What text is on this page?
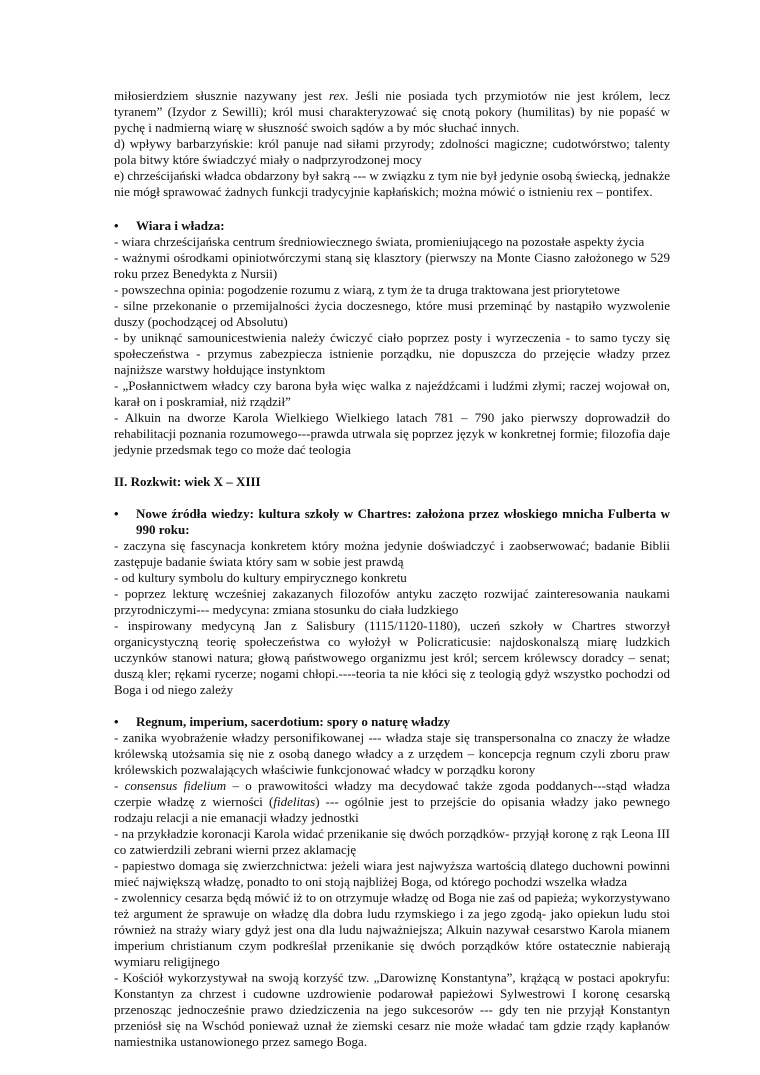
miłosierdziem słusznie nazywany jest rex. Jeśli nie posiada tych przymiotów nie jest królem, lecz tyranem” (Izydor z Sewilli); król musi charakteryzować się cnotą pokory (humilitas) by nie popaść w pychę i nadmierną wiarę w słuszność swoich sądów a by móc słuchać innych.

d) wpływy barbarzyńskie: król panuje nad siłami przyrody; zdolności magiczne; cudotwórstwo; talenty pola bitwy które świadczyć miały o nadprzyrodzonej mocy

e) chrześcijański władca obdarzony był sakrą --- w związku z tym nie był jedynie osobą świecką, jednakże nie mógł sprawować żadnych funkcji tradycyjnie kapłańskich; można mówić o istnieniu rex – pontifex.

•	Wiara i władza:

- wiara chrześcijańska centrum średniowiecznego świata, promieniującego na pozostałe aspekty życia

- ważnymi ośrodkami opiniotwórczymi staną się klasztory (pierwszy na Monte Ciasno założonego w 529 roku przez Benedykta z Nursii)

- powszechna opinia: pogodzenie rozumu z wiarą, z tym że ta druga traktowana jest priorytetowe

- silne przekonanie o przemijalności życia doczesnego, które musi przeminąć by nastąpiło wyzwolenie duszy (pochodzącej od Absolutu)

- by uniknąć samounicestwienia należy ćwiczyć ciało poprzez posty i wyrzeczenia - to samo tyczy się społeczeństwa - przymus zabezpiecza istnienie porządku, nie dopuszcza do przejęcie władzy przez najniższe warstwy hołdujące instynktom

- „Posłannictwem władcy czy barona była więc walka z najeźdźcami i ludźmi złymi; raczej wojował on, karał on i poskramiał, niż rządził”

- Alkuin na dworze Karola Wielkiego Wielkiego latach 781 – 790 jako pierwszy doprowadził do rehabilitacji poznania rozumowego---prawda utrwala się poprzez język w konkretnej formie; filozofia daje jedynie przedsmak tego co może dać teologia

II. Rozkwit: wiek X – XIII

•	Nowe źródła wiedzy: kultura szkoły w Chartres: założona przez włoskiego mnicha Fulberta w 990 roku:

- zaczyna się fascynacja konkretem który można jedynie doświadczyć i zaobserwować; badanie Biblii zastępuje badanie świata który sam w sobie jest prawdą

- od kultury symbolu do kultury empirycznego konkretu

- poprzez lekturę wcześniej zakazanych filozofów antyku zaczęto rozwijać zainteresowania naukami przyrodniczymi--- medycyna: zmiana stosunku do ciała ludzkiego

- inspirowany medycyną Jan z Salisbury (1115/1120-1180), uczeń szkoły w Chartres stworzył organicystyczną teorię społeczeństwa co wyłożył w Policraticusie: najdoskonalszą miarę ludzkich uczynków stanowi natura; głową państwowego organizmu jest król; sercem królewscy doradcy – senat; duszą kler; rękami rycerze; nogami chłopi.----teoria ta nie kłóci się z teologią gdyż wszystko pochodzi od Boga i od niego zależy

•	Regnum, imperium, sacerdotium: spory o naturę władzy

- zanika wyobrażenie władzy personifikowanej --- władza staje się transpersonalna co znaczy że władze królewską utożsamia się nie z osobą danego władcy a z urzędem – koncepcja regnum czyli zboru praw królewskich pozwalających właściwie funkcjonować władcy w porządku korony

- consensus fidelium – o prawowitości władzy ma decydować także zgoda poddanych---stąd władza czerpie władzę z wierności (fidelitas) --- ogólnie jest to przejście do opisania władzy jako pewnego rodzaju relacji a nie emanacji władzy jednostki

- na przykładzie koronacji Karola widać przenikanie się dwóch porządków- przyjął koronę z rąk Leona III co zatwierdzili zebrani wierni przez aklamację

- papiestwo domaga się zwierzchnictwa: jeżeli wiara jest najwyższa wartością dlatego duchowni powinni mieć największą władzę, ponadto to oni stoją najbliżej Boga, od którego pochodzi wszelka władza

- zwolennicy cesarza będą mówić iż to on otrzymuje władzę od Boga nie zaś od papieża; wykorzystywano też argument że sprawuje on władzę dla dobra ludu rzymskiego i za jego zgodą- jako opiekun ludu stoi również na straży wiary gdyż jest ona dla ludu najważniejsza; Alkuin nazywał cesarstwo Karola mianem imperium christianum czym podkreślał przenikanie się dwóch porządków które ostatecznie nabierają wymiaru religijnego

- Kościół wykorzystywał na swoją korzyść tzw. „Darowiznę Konstantyna”, krążącą w postaci apokryfu: Konstantyn za chrzest i cudowne uzdrowienie podarował papieżowi Sylwestrowi I koronę cesarską przenosząc jednocześnie prawo dziedziczenia na jego sukcesorów --- gdy ten nie przyjął Konstantyn przeniósł się na Wschód ponieważ uznał że ziemski cesarz nie może władać tam gdzie rządy kapłanów namiestnika ustanowionego przez samego Boga.
